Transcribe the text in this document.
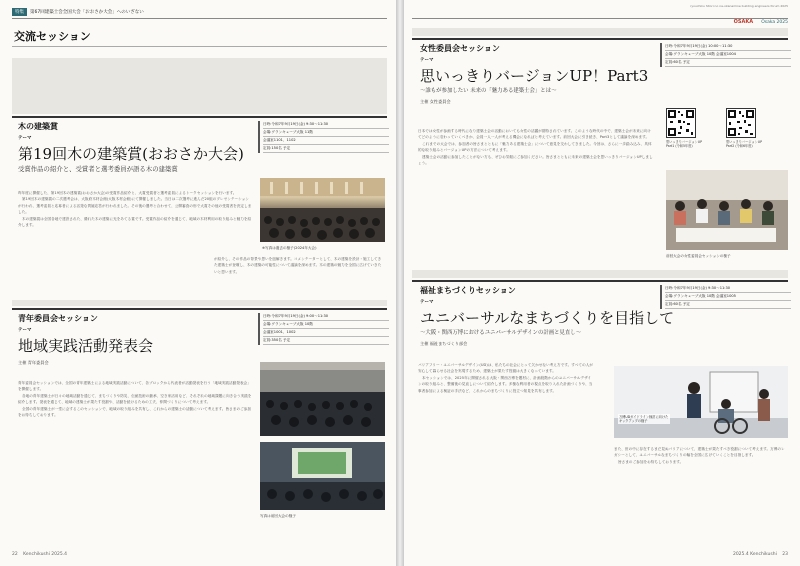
特集	第67回建築士会全国大会「おおさか大会」へのいざない
交流セッション
木の建築賞
テーマ
第19回木の建築賞(おおさか大会)
受賞作品の紹介と、受賞者と選考委員が語る木の建築賞
日時:令和7年9月19日(金) 9:30〜11:30
会場:グランキューブ大阪 11階
会議室1101、1102
定員:150名 予定

昨年度に開催した、第19回木の建築賞(おおさか大会)の受賞作品紹介と、大賞受賞者と選考委員によるトークセッションを行います。

第19回木の建築賞の二次選考会は、大阪府木材会館(大阪木材会館)にて開催しました。当日は二次選考に進んだ20組のプレゼンテーションが行われ、選考委員と応募者による活発な質疑応答が行われました。その後の選考と合わせて、公開審査の形で大賞その他の受賞者を決定しました。

木の建築賞は全国各地で建設された、優れた木の建築に光をあてる賞です。受賞作品の紹介を通じて、地域の木材利用の取り組みと魅力を紹介します。

※写真は過去の様子(2024年大会)

が紹介し、その作品の背景や思いを紐解きます。コメンテーターとして、木の建築を設計・施工してきた建築士が登壇し、木の建築の可能性について議論を深めます。木の建築の魅力を全国に広げていきたいと思います。

青年委員会セッション
テーマ
地域実践活動発表会
主催 青年委員会
日時:令和7年9月19日(金) 9:00〜11:30
会場:グランキューブ大阪 10階
会議室1001、1002
定員:350名 予定

青年委員会セッションでは、全国の青年建築士による地域実践活動について、各ブロックから代表者が活動発表を行う「地域実践活動発表会」を開催します。

各地の青年建築士が日々の地域活動を通じて、まちづくりや防災、伝統技術の継承、空き家活用など、それぞれの地域課題に向き合う実践を紹介します。発表を通じて、地域の建築士が果たす役割や、活動を続けるための工夫、仲間づくりについて考えます。

全国の青年建築士が一堂に会するこのセッションで、地域の取り組みを共有し、これからの建築士の活動について考えます。皆さまのご参加をお待ちしております。

写真は前回大会の様子
22 Kenchikushi 2025.4
ryouchiku hitori no na-okanamine building engineers forum 2025
OSAKA Osaka 2025
女性委員会セッション
テーマ
思いっきりバージョンUP！Part3
〜誰もが参加したい 未来の「魅力ある建築士会」とは〜
主催 女性委員会
日時:令和7年9月19日(金) 10:00〜11:30
会場:グランキューブ大阪 10階 会議室1004
定員:60名 予定

日本では女性が参画する時代になり建築士会の活動においても女性の活躍が期待されています。このような時代の中で、建築士会が未来に向けてどのように変わっていくべきか、会員一人一人が考える機会になればと考えています。前回大会に引き続き、Part3として議論を深めます。

これまでの大会では、参加者の皆さまとともに「魅力ある建築士会」について意見を交わしてきました。今回は、さらに一歩踏み込み、具体的な取り組みとバージョンUPの方法について考えます。

建築士会の活動に参加したことがない方も、ぜひお気軽にご参加ください。皆さまとともに未来の建築士会を思いっきりバージョンUPしましょう。

思いっきりバージョンUP Part1 (令和5年度)
思いっきりバージョンUP Part2 (令和6年度)
前回大会の女性委員会セッションの様子
福祉まちづくりセッション
テーマ
ユニバーサルなまちづくりを目指して
〜大阪・関西万博におけるユニバーサルデザインの計画と見直し〜
主催 福祉まちづくり部会
日時:令和7年9月19日(金) 9:30〜11:30
会場:グランキューブ大阪 10階 会議室1005
定員:60名 予定

バリアフリー・ユニバーサルデザイン(UD)は、私たちの社会にとって欠かせない考え方です。すべての人が安心して暮らせる社会を実現するため、建築士が果たす役割は大きくなっています。

本セッションでは、2025年に開催される大阪・関西万博を題材に、計画段階からのユニバーサルデザインの取り組みと、整備後の見直しについて紹介します。多様な利用者の視点を取り入れた計画づくりや、当事者参加による検証の手法など、これからのまちづくりに役立つ知見を共有します。

万博UDガイドライン検討に向けたキックアップの様子

また、世の中に存在するまだ見ぬバリアについて、建築士が果たすべき役割について考えます。万博のレガシーとして、ユニバーサルなまちづくりの輪を全国に広げていくことを目指します。

皆さまのご参加をお待ちしております。

2025.4 Kenchikushi 23
